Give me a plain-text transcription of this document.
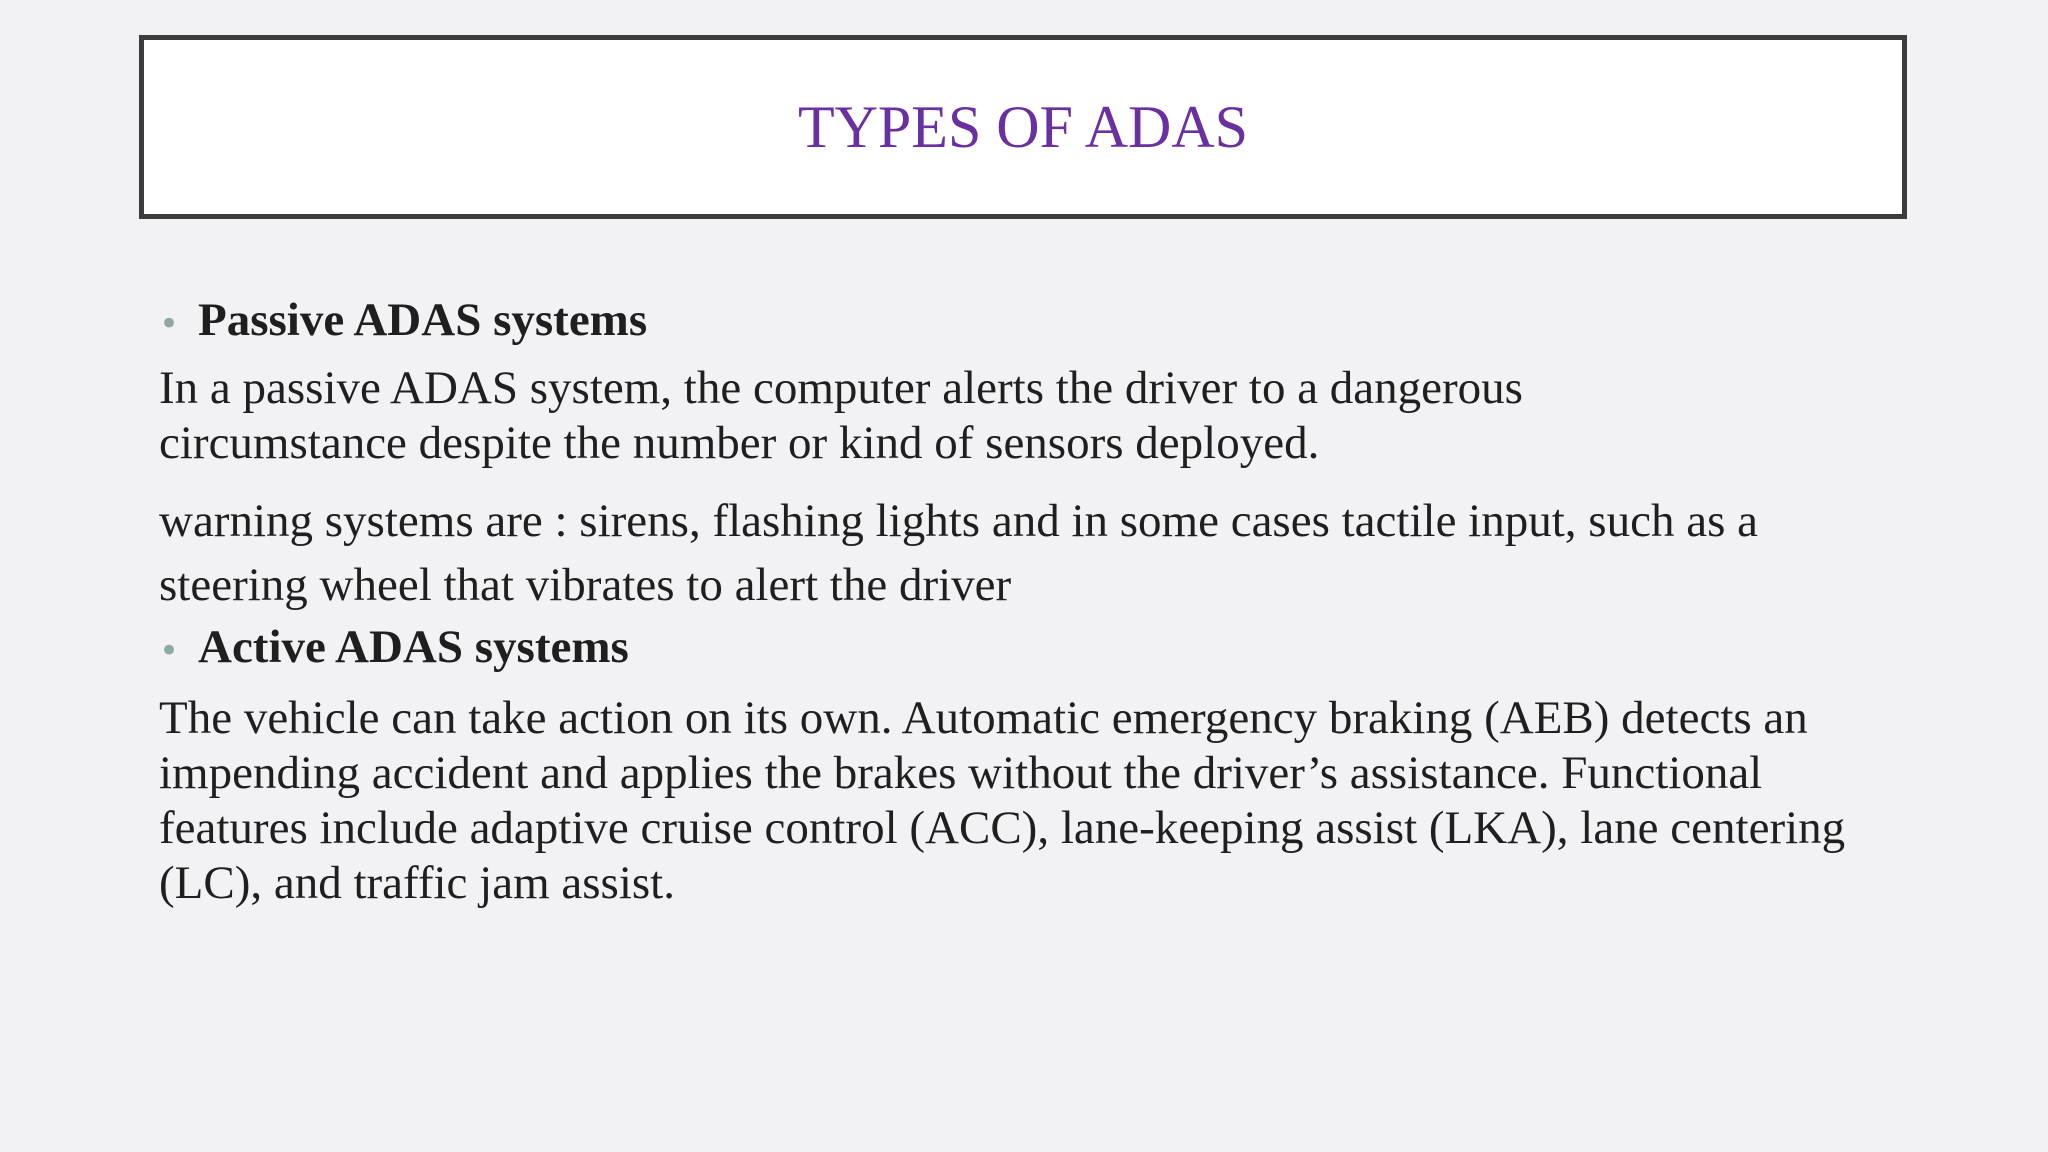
TYPES OF ADAS
• Passive ADAS systems

In a passive ADAS system, the computer alerts the driver to a dangerous circumstance despite the number or kind of sensors deployed.

warning systems are : sirens, flashing lights and in some cases tactile input, such as a steering wheel that vibrates to alert the driver

• Active ADAS systems

The vehicle can take action on its own. Automatic emergency braking (AEB) detects an impending accident and applies the brakes without the driver’s assistance. Functional features include adaptive cruise control (ACC), lane-keeping assist (LKA), lane centering (LC), and traffic jam assist.
